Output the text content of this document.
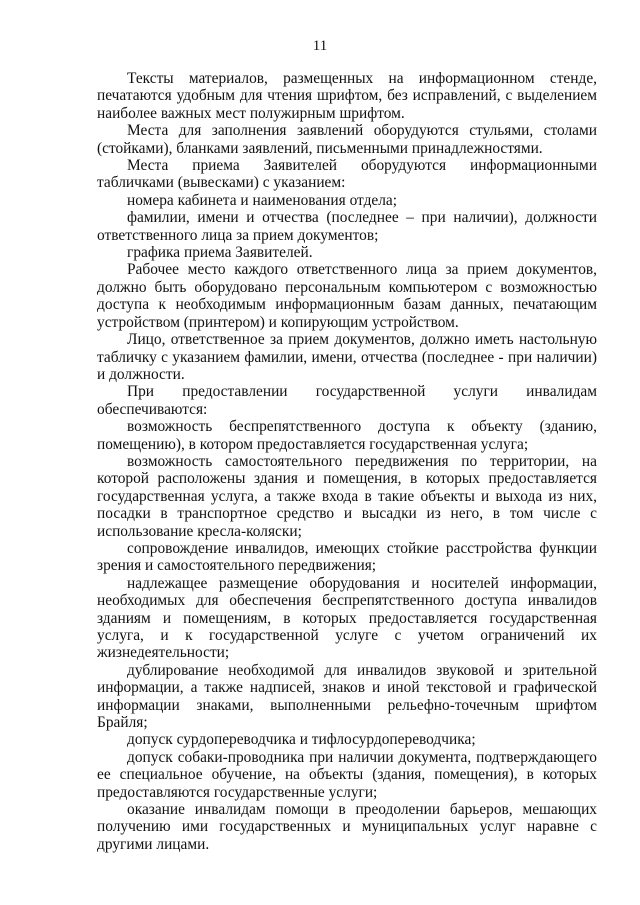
11

Тексты материалов, размещенных на информационном стенде, печатаются удобным для чтения шрифтом, без исправлений, с выделением наиболее важных мест полужирным шрифтом.

Места для заполнения заявлений оборудуются стульями, столами (стойками), бланками заявлений, письменными принадлежностями.

Места приема Заявителей оборудуются информационными табличками (вывесками) с указанием:

номера кабинета и наименования отдела;

фамилии, имени и отчества (последнее – при наличии), должности ответственного лица за прием документов;

графика приема Заявителей.

Рабочее место каждого ответственного лица за прием документов, должно быть оборудовано персональным компьютером с возможностью доступа к необходимым информационным базам данных, печатающим устройством (принтером) и копирующим устройством.

Лицо, ответственное за прием документов, должно иметь настольную табличку с указанием фамилии, имени, отчества (последнее - при наличии) и должности.

При предоставлении государственной услуги инвалидам обеспечиваются:

возможность беспрепятственного доступа к объекту (зданию, помещению), в котором предоставляется государственная услуга;

возможность самостоятельного передвижения по территории, на которой расположены здания и помещения, в которых предоставляется государственная услуга, а также входа в такие объекты и выхода из них, посадки в транспортное средство и высадки из него, в том числе с использование кресла-коляски;

сопровождение инвалидов, имеющих стойкие расстройства функции зрения и самостоятельного передвижения;

надлежащее размещение оборудования и носителей информации, необходимых для обеспечения беспрепятственного доступа инвалидов зданиям и помещениям, в которых предоставляется государственная услуга, и к государственной услуге с учетом ограничений их жизнедеятельности;

дублирование необходимой для инвалидов звуковой и зрительной информации, а также надписей, знаков и иной текстовой и графической информации знаками, выполненными рельефно-точечным шрифтом Брайля;

допуск сурдопереводчика и тифлосурдопереводчика;

допуск собаки-проводника при наличии документа, подтверждающего ее специальное обучение, на объекты (здания, помещения), в которых предоставляются государственные услуги;

оказание инвалидам помощи в преодолении барьеров, мешающих получению ими государственных и муниципальных услуг наравне с другими лицами.
